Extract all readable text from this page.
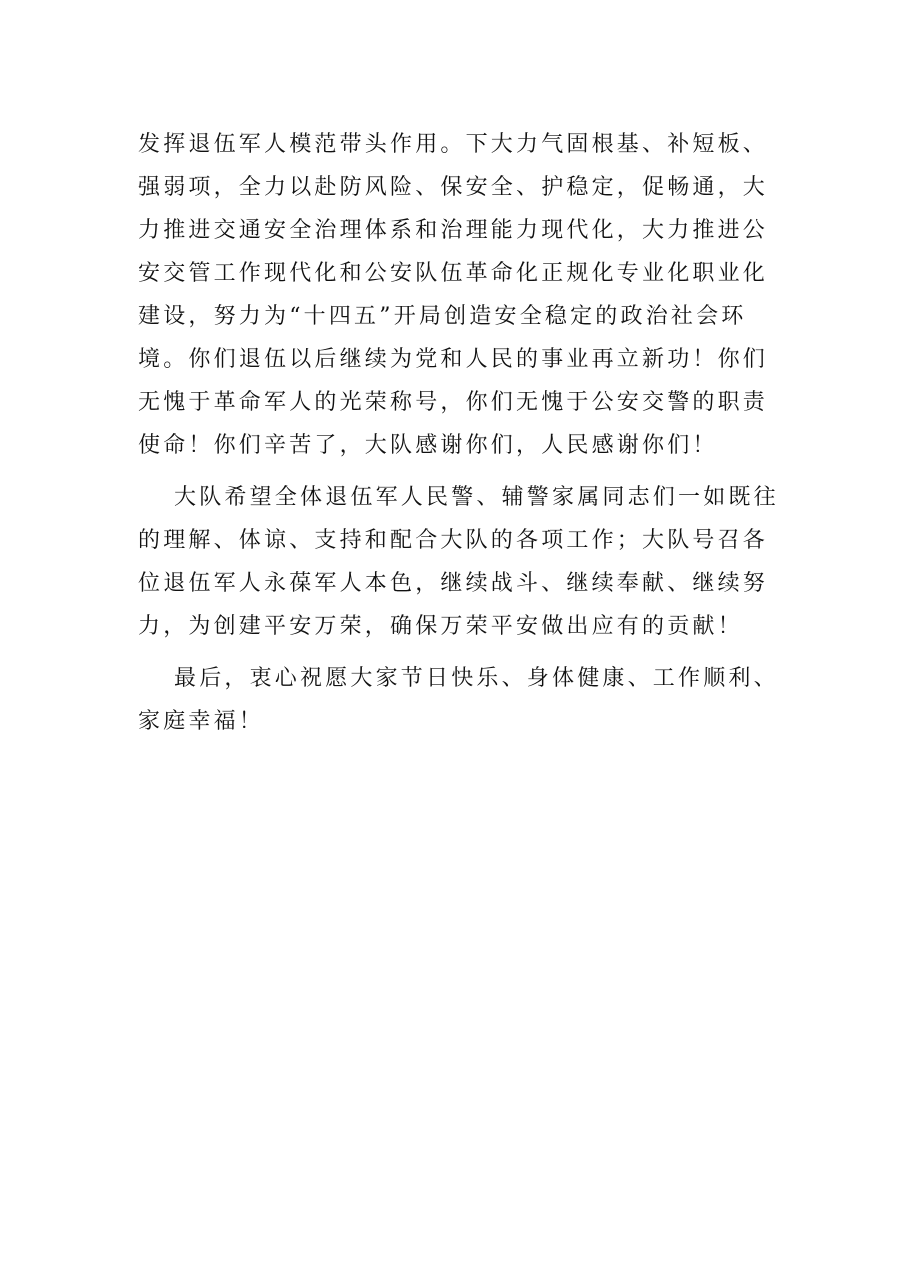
发挥退伍军人模范带头作用。下大力气固根基、补短板、
强弱项，全力以赴防风险、保安全、护稳定，促畅通，大
力推进交通安全治理体系和治理能力现代化，大力推进公
安交管工作现代化和公安队伍革命化正规化专业化职业化
建设，努力为“十四五”开局创造安全稳定的政治社会环
境。你们退伍以后继续为党和人民的事业再立新功！你们
无愧于革命军人的光荣称号，你们无愧于公安交警的职责
使命！你们辛苦了，大队感谢你们，人民感谢你们！
大队希望全体退伍军人民警、辅警家属同志们一如既往
的理解、体谅、支持和配合大队的各项工作；大队号召各
位退伍军人永葆军人本色，继续战斗、继续奉献、继续努
力，为创建平安万荣，确保万荣平安做出应有的贡献！
最后，衷心祝愿大家节日快乐、身体健康、工作顺利、
家庭幸福！
